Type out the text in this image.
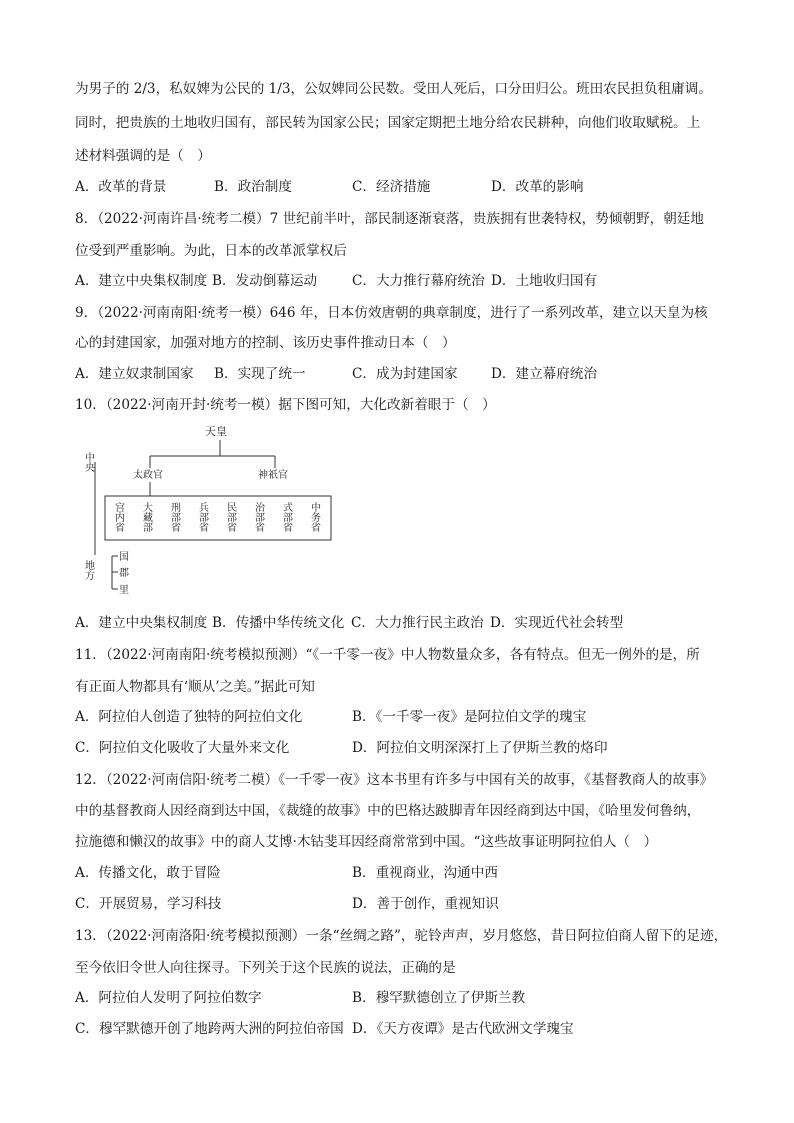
为男子的 2/3，私奴婢为公民的 1/3，公奴婢同公民数。受田人死后，口分田归公。班田农民担负租庸调。
同时，把贵族的土地收归国有，部民转为国家公民；国家定期把土地分给农民耕种，向他们收取赋税。上
述材料强调的是（　）
A．改革的背景	B．政治制度	C．经济措施	D．改革的影响
8．（2022·河南许昌·统考二模）7 世纪前半叶，部民制逐渐衰落，贵族拥有世袭特权，势倾朝野，朝廷地
位受到严重影响。为此，日本的改革派掌权后
A．建立中央集权制度 B．发动倒幕运动	C．大力推行幕府统治 D．土地收归国有
9．（2022·河南南阳·统考一模）646 年，日本仿效唐朝的典章制度，进行了一系列改革，建立以天皇为核
心的封建国家，加强对地方的控制、该历史事件推动日本（　）
A．建立奴隶制国家 B．实现了统一	C．成为封建国家 D．建立幕府统治
10．（2022·河南开封·统考一模）据下图可知，大化改新着眼于（　）
天皇
中央
太政官	神祇官
宫内省 大藏部 刑部省 兵部省 民部省 治部省 式部省 中务省
地方
国
郡
里
A．建立中央集权制度 B．传播中华传统文化 C．大力推行民主政治 D．实现近代社会转型
11．（2022·河南南阳·统考模拟预测）“《一千零一夜》中人物数量众多，各有特点。但无一例外的是，所
有正面人物都具有‘顺从’之美。”据此可知
A．阿拉伯人创造了独特的阿拉伯文化	B．《一千零一夜》是阿拉伯文学的瑰宝
C．阿拉伯文化吸收了大量外来文化	D．阿拉伯文明深深打上了伊斯兰教的烙印
12．（2022·河南信阳·统考二模）《一千零一夜》这本书里有许多与中国有关的故事，《基督教商人的故事》
中的基督教商人因经商到达中国，《裁缝的故事》中的巴格达跛脚青年因经商到达中国，《哈里发何鲁纳，
拉施德和懒汉的故事》中的商人艾博·木钴斐耳因经商常常到中国。“这些故事证明阿拉伯人（　）
A．传播文化，敢于冒险	B．重视商业，沟通中西
C．开展贸易，学习科技	D．善于创作，重视知识
13．（2022·河南洛阳·统考模拟预测）一条“丝绸之路”，驼铃声声，岁月悠悠，昔日阿拉伯商人留下的足迹，
至今依旧令世人向往探寻。下列关于这个民族的说法，正确的是
A．阿拉伯人发明了阿拉伯数字	B．穆罕默德创立了伊斯兰教
C．穆罕默德开创了地跨两大洲的阿拉伯帝国 D．《天方夜谭》是古代欧洲文学瑰宝
